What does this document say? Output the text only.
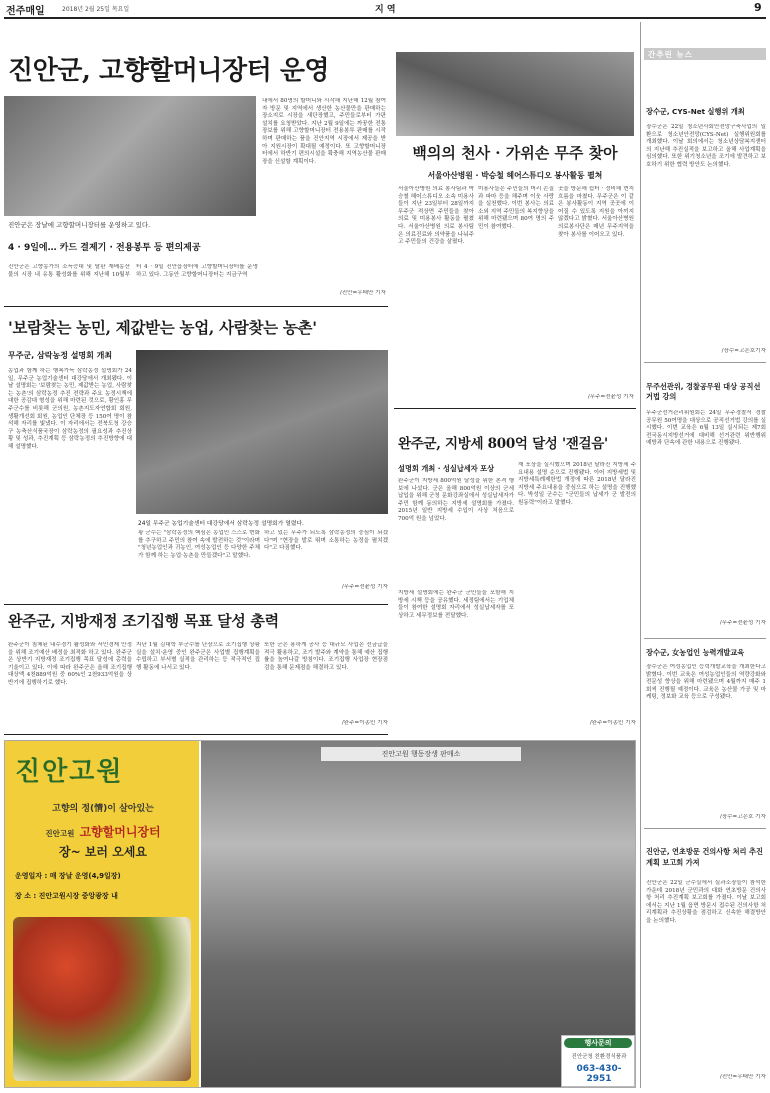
전주매일	2018년 2월 25일 목요일	지 역	9
진안군, 고향할머니장터 운영
진안군은 장날에 고향할머니장터를 운영하고 있다.
4 · 9일에… 카드 결제기 · 전용봉투 등 편의제공
진안군은 고향농가의 소득증대 및 탈판 재배농산물의 시장 내 유통 활성화를 위해 지난해 10월부터 4 · 9일 진안읍장터에 고향할머니장터를 운영하고 있다. 그동안 고향할머니장터는 지금구역
내에서 80명의 할머니와 시작해 지난해 12월 참여자 방문 및 지역에서 생산한 농산물만을 판매하는 장소지로 시장을 새단장했고, 주민들로부터 가판 설치를 요청받았다. 지난 2월 9일에는 까꿍한 전통장보를 위해 고향할머니장터 전용봉투 판매를 시작하며 판매하는 품을 진안지역 시장에서 제공을 받아 지원시장이 확대될 예정이다. 또 고향할머니장터에서 하반기 편의시설을 확충해 지역농산물 판매장을 신설할 계획이다.
/진안=우태만 기자
'보람찾는 농민, 제값받는 농업, 사람찾는 농촌'
무주군, 삼락농정 설명회 개최
농업과 함께 하는 행복가득 삼락농정 설명회가 24일, 무주군 농업기술센터 대강당에서 개최됐다. 이날 설명회는 '보람찾는 농민, 제값받는 농업, 사람찾는 농촌'의 삼락농정 추진 전략과 주요 농정시책에 대한 공감대 형성을 위해 마련된 것으로, 황인홍 무주군수를 비롯해 군의원, 농촌지도자연합회 회원, 생활개선회 회원, 농업인 단체장 등 150여 명이 참석해 자리를 빛냈다. 이 자리에서는 전북도청 강승구 농축산식품국장이 삼락농정의 필요성과 추진상황 및 성과, 추진계획 등 삼락농정의 추진방향에 대해 설명했다.
24일 무주군 농업기술센터 대강당에서 삼락농정 설명회가 열렸다.
황 군수는 "삼락농정의 핵심은 농업인 스스로 변화를 추구하고 주민의 참여 속에 발전하는 것"이라며 "청년농업인과 귀농인, 여성농업인 등 다양한 주체가 함께 하는 농업·농촌을 만들겠다"고 말했다.
하고 있는 무주가 되도록 삼락농정의 중심이 되겠다"며 "현장을 발로 뛰며 소통하는 농정을 펼치겠다"고 다짐했다.
/무주=전윤성 기자
완주군, 지방재정 조기집행 목표 달성 총력
완주군이 침체된 내수경기 활성화와 서민경제 안정을 위해 조기예산 배정을 최적화 하고 있다. 완주군은 상반기 지방재정 조기집행 목표 달성에 총력을 기울이고 있다. 이에 따라 완주군은 올해 조기집행 대상액 4천889억원 중 60%인 2천933억원을 상반기에 집행하기로 했다.
지난 1월 김대학 부군수를 단장으로 조기집행 상황실을 설치·운영 중인 완주군은 사업별 집행계획을 수립하고 부서별 실적을 관리하는 등 적극적인 집행 활동에 나서고 있다.
또한 군은 용하게 공사 등 대규모 사업은 선금급을 적극 활용하고, 조기 발주와 계약을 통해 예산 집행률을 높여나갈 방침이다. 조기집행 사업장 현장점검을 통해 문제점을 해결하고 있다.
/완주=이종민 기자
백의의 천사 · 가위손 무주 찾아
서울아산병원 · 박승철 헤어스튜디오 봉사활동 펼쳐
서울아산병원 의료 봉사팀과 박승철 헤어스튜디오 소속 미용사들이 지난 23일부터 28일까지 무주군 적상면 주민들을 찾아 의료 및 미용봉사 활동을 펼쳤다. 서울아산병원 의료 봉사팀은 의료진료와 의약품을 나눠주고 주민들의 건강을 살폈다.
미용사들은 주민들의 머리 손질과 파마 등을 해주며 이웃 사랑을 실천했다. 이번 봉사는 의료소외 지역 주민들의 복지향상을 위해 마련됐으며 80여 명의 주민이 참여했다.
곳을 방문해 쉼터 · 정비해 현지 흐름을 마쳤다. 무주군은 이 같은 봉사활동이 지역 곳곳에 이어질 수 있도록 지원을 아끼지 않겠다고 밝혔다. 서울아산병원 의료봉사단은 매년 무주지역을 찾아 봉사를 이어오고 있다.
/무주=전윤성 기자
완주군, 지방세 800억 달성 '잰걸음'
설명회 개최 · 성실납세자 포상
완주군이 지방세 800억원 달성을 위한 본격 행보에 나섰다. 군은 올해 800억원 이상의 군세 납입을 위해 군청 문화강좌실에서 성실납세자가 주민 함께 동의하는 지방세 설명회를 가졌다. 2015년 일반 지방세 수입이 사상 처음으로 700억 원을 넘었다.
지방세 설명회에는 완주군 군민들을 포함해 지방세 시책 등을 공유했다. 세정팀에서는 기업체들이 참여한 설명회 자리에서 성실납세자를 포상하고 세무정보를 전달했다.
재 포상을 실시했으며 2018년 달라진 지방세 주요내용 설명 순으로 진행됐다. 이어 지방세법 및 지방세특례제한법 개정에 따른 2018년 달라진 지방세 주요내용을 중심으로 하는 설명을 진행했다. 박성일 군수는 "군민들의 납세가 군 발전의 원동력"이라고 말했다.
/완주=이종민 기자
간추린 뉴스
장수군, CYS-Net 실행위 개최
장수군은 22일 청소년사회안전망구축사업의 일환으로 청소년안전망(CYS-Net) 실행위원회를 개최했다. 이날 회의에서는 청소년상담복지센터의 지난해 추진실적을 보고하고 올해 사업계획을 심의했다. 또한 위기청소년을 조기에 발견하고 보호하기 위한 협력 방안도 논의했다.
/장수=고은호기자
무주선관위, 경찰공무원 대상 공직선거법 강의
무주군선거관리위원회는 24일 무주경찰서 경찰공무원 50여명을 대상으로 공직선거법 강의를 실시했다. 이번 교육은 6월 13일 실시되는 제7회 전국동시지방선거에 대비해 선거관련 위반행위 예방과 단속에 관한 내용으로 진행됐다.
/무주=전윤성 기자
장수군, 女농업인 능력개발교육
장수군은 여성농업인 능력개발교육을 개최한다고 밝혔다. 이번 교육은 여성농업인들의 역량강화와 전문성 향상을 위해 마련됐으며 4월까지 매주 1회씩 진행될 예정이다. 교육은 농산물 가공 및 마케팅, 정보화 교육 등으로 구성됐다.
/장수=고은호 기자
진안군, 연초방문 건의사항 처리 추진계획 보고회 가져
진안군은 22일 군수실에서 실과소장들이 참석한 가운데 2018년 군민과의 대화 연초방문 건의사항 처리 추진계획 보고회를 가졌다. 이날 보고회에서는 지난 1월 읍면 방문시 접수된 건의사항 처리계획과 추진상황을 점검하고 신속한 해결방안을 논의했다.
/진안=우태만 기자
진안고원
고향의 정(情)이 살아있는
진안고원 고향할머니장터
장~ 보러 오세요
운영일자 : 매 장날 운영(4,9일장)
장 소 : 진안고원시장 중앙광장 내
진안고원 행동장생 판매소
행사문의
진안군청 친환경식품과
063-430-2951
